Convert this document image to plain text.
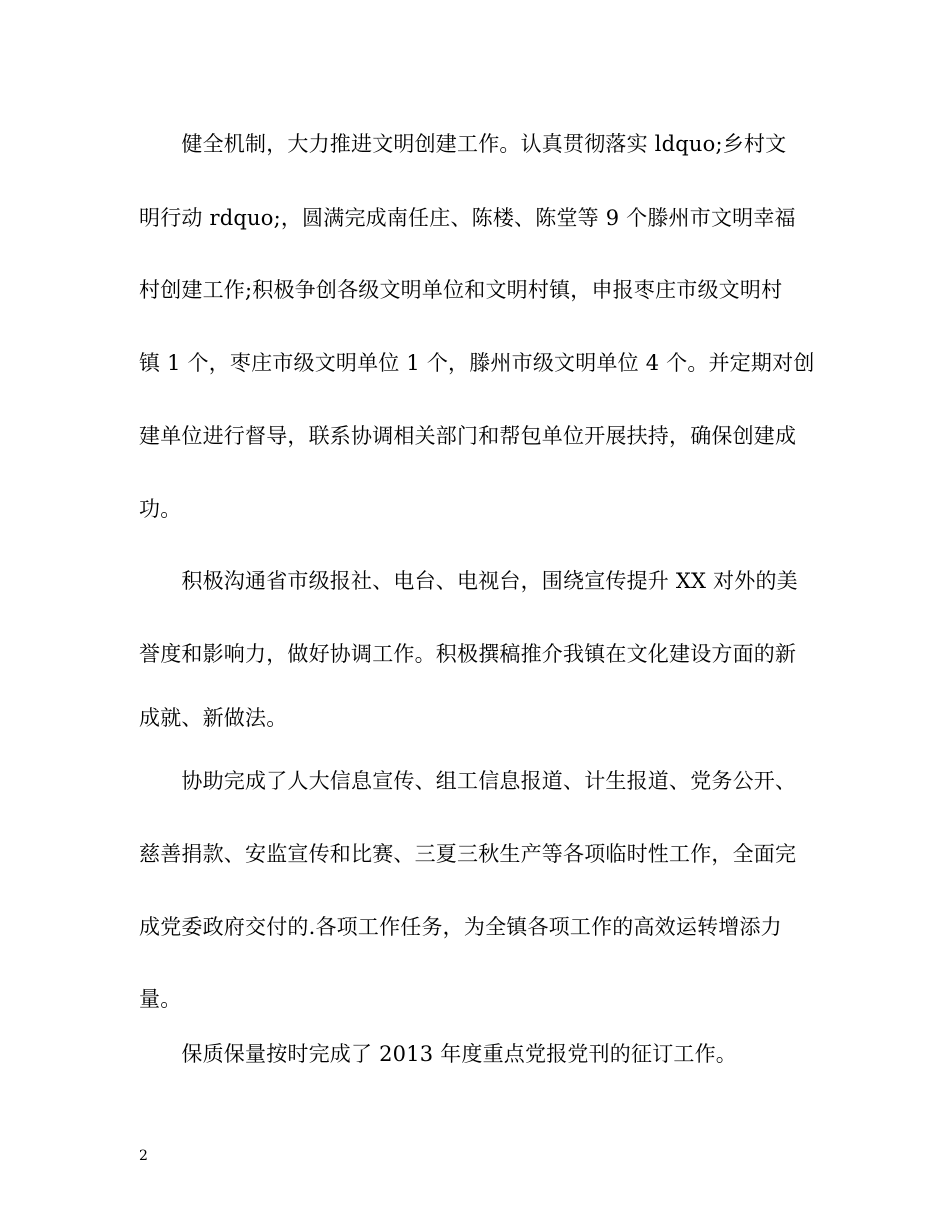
　　健全机制，大力推进文明创建工作。认真贯彻落实 ldquo;乡村文
明行动 rdquo;，圆满完成南任庄、陈楼、陈堂等 9 个滕州市文明幸福
村创建工作;积极争创各级文明单位和文明村镇，申报枣庄市级文明村
镇 1 个，枣庄市级文明单位 1 个，滕州市级文明单位 4 个。并定期对创
建单位进行督导，联系协调相关部门和帮包单位开展扶持，确保创建成
功。
　　积极沟通省市级报社、电台、电视台，围绕宣传提升 XX 对外的美
誉度和影响力，做好协调工作。积极撰稿推介我镇在文化建设方面的新
成就、新做法。
　　协助完成了人大信息宣传、组工信息报道、计生报道、党务公开、
慈善捐款、安监宣传和比赛、三夏三秋生产等各项临时性工作，全面完
成党委政府交付的.各项工作任务，为全镇各项工作的高效运转增添力
量。
　　保质保量按时完成了 2013 年度重点党报党刊的征订工作。
2
